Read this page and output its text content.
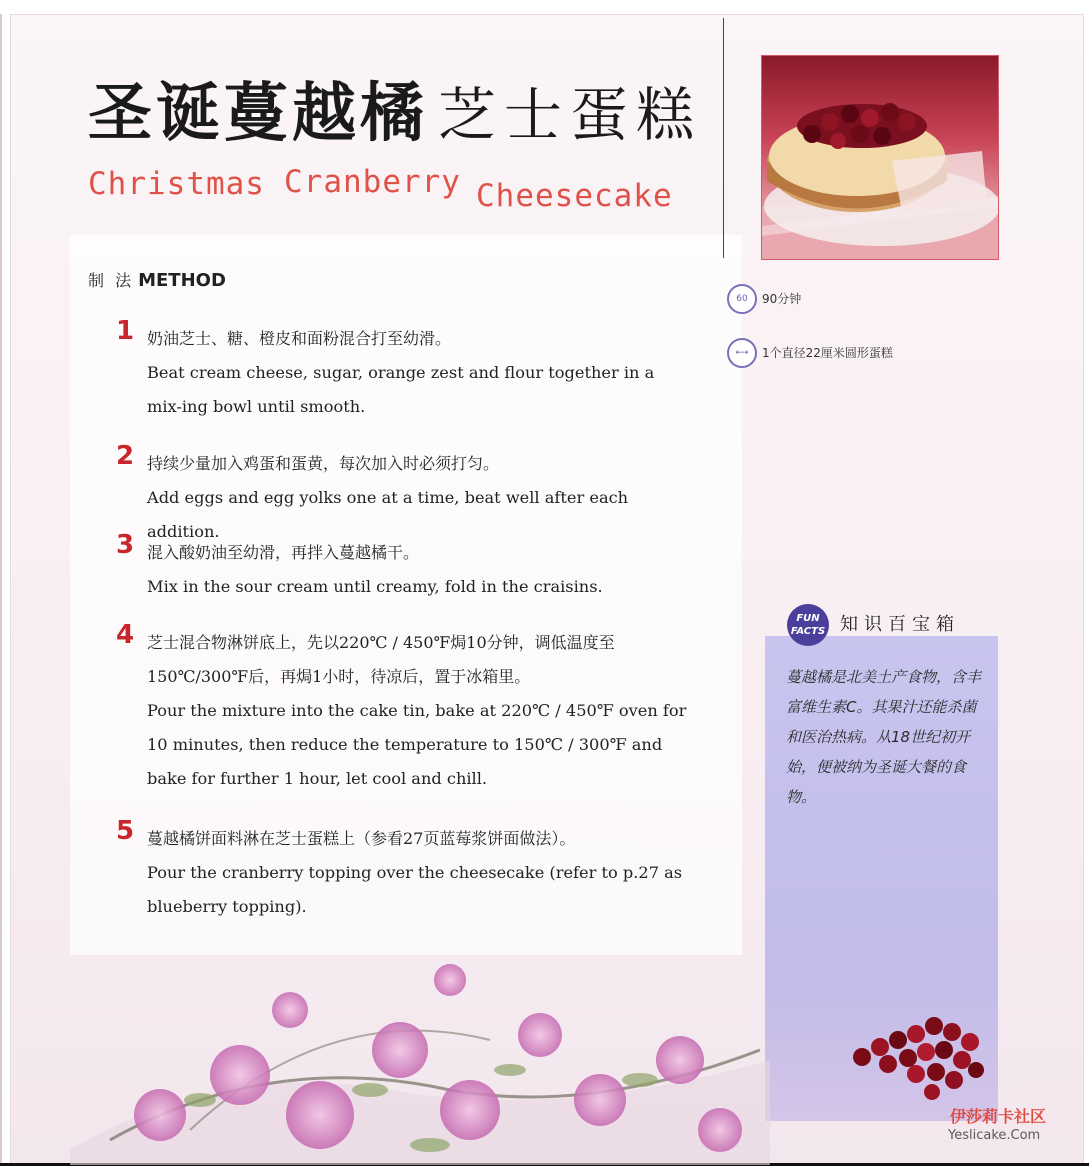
圣诞蔓越橘 芝士蛋糕
Christmas Cranberry Cheesecake
60	90分钟
⟷	1个直径22厘米圆形蛋糕
制 法 METHOD
1 奶油芝士、糖、橙皮和面粉混合打至幼滑。
Beat cream cheese, sugar, orange zest and flour together in a mix-ing bowl until smooth.
2 持续少量加入鸡蛋和蛋黄，每次加入时必须打匀。
Add eggs and egg yolks one at a time, beat well after each addition.
3 混入酸奶油至幼滑，再拌入蔓越橘干。
Mix in the sour cream until creamy, fold in the craisins.
4 芝士混合物淋饼底上，先以220℃ / 450℉焗10分钟，调低温度至150℃/300℉后，再焗1小时，待凉后，置于冰箱里。
Pour the mixture into the cake tin, bake at 220℃ / 450℉ oven for 10 minutes, then reduce the temperature to 150℃ / 300℉ and bake for further 1 hour, let cool and chill.
5 蔓越橘饼面料淋在芝士蛋糕上（参看27页蓝莓浆饼面做法）。
Pour the cranberry topping over the cheesecake (refer to p.27 as blueberry topping).
FUN FACTS 知识百宝箱
蔓越橘是北美土产食物，含丰富维生素C。其果汁还能杀菌和医治热病。从18世纪初开始，便被纳为圣诞大餐的食物。
伊莎莉卡社区
Yeslicake.Com
